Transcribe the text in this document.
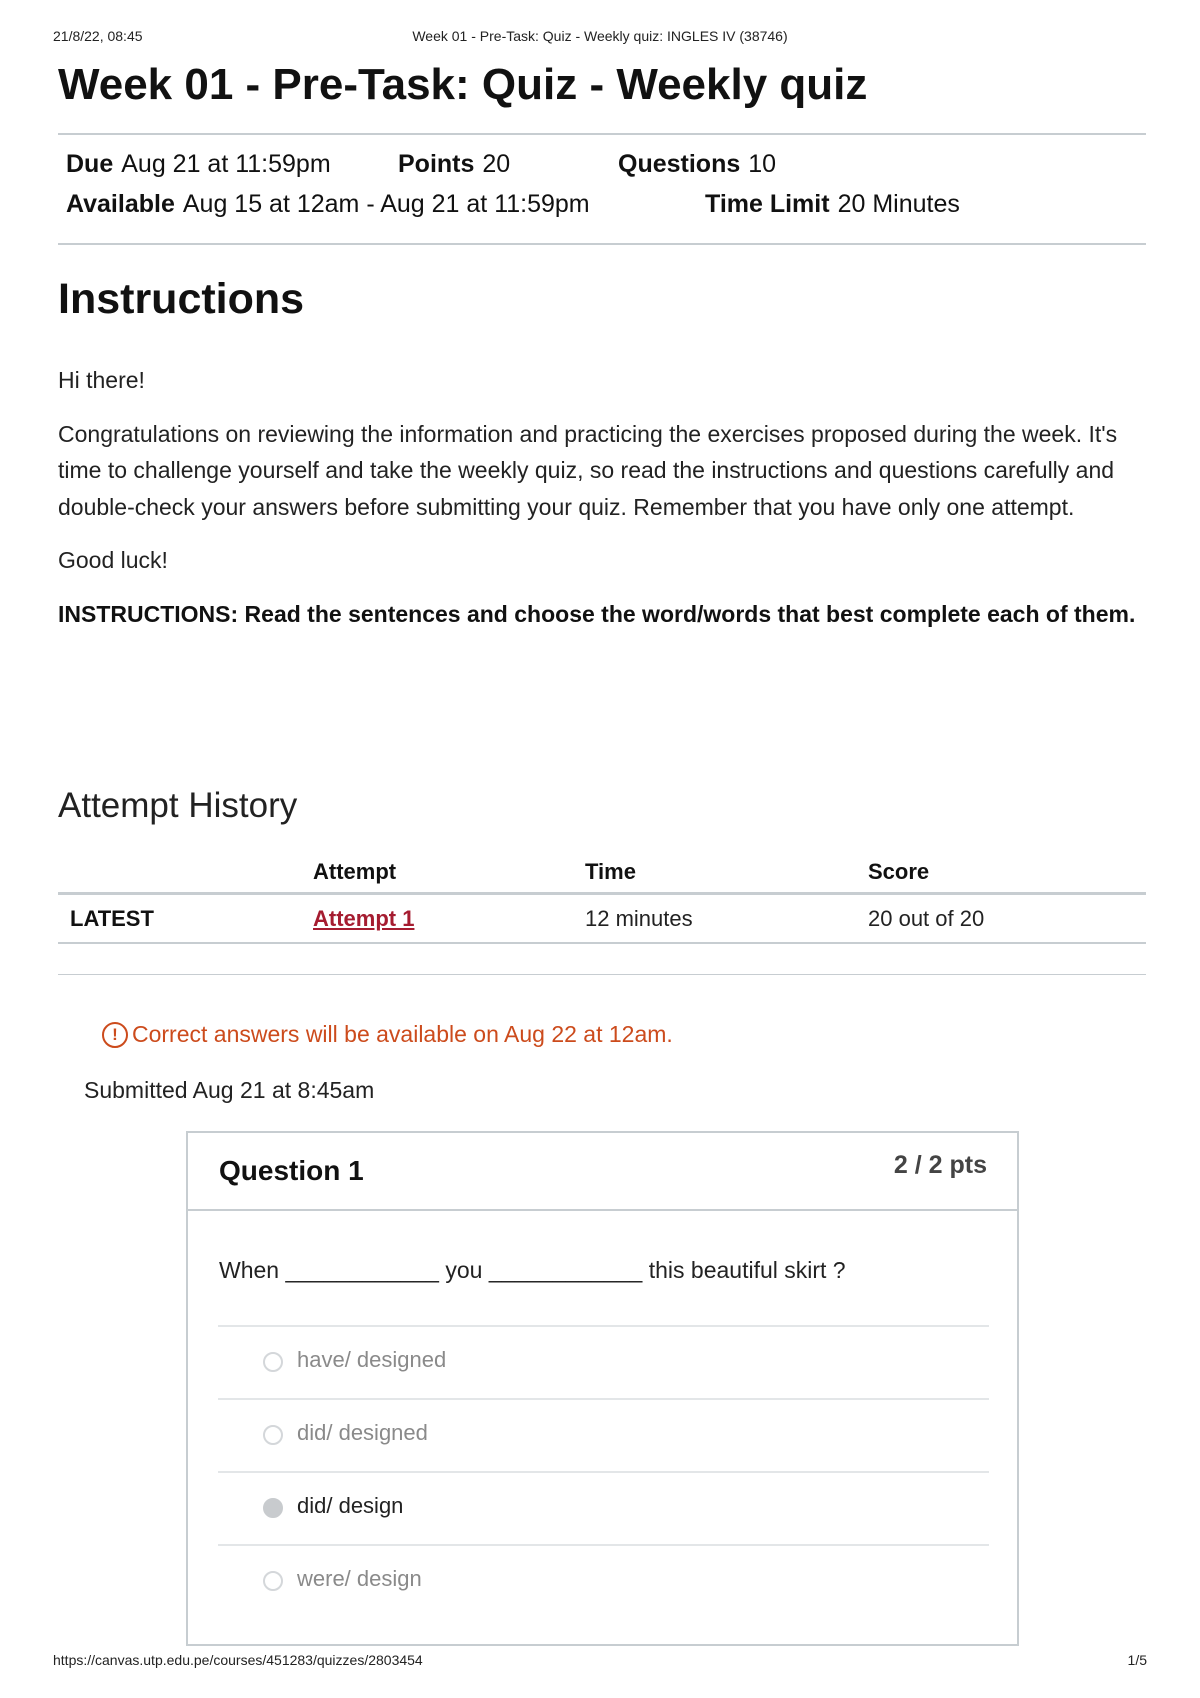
21/8/22, 08:45	Week 01 - Pre-Task: Quiz - Weekly quiz: INGLES IV (38746)
Week 01 - Pre-Task: Quiz - Weekly quiz
Due Aug 21 at 11:59pm	Points 20	Questions 10
Available Aug 15 at 12am - Aug 21 at 11:59pm	Time Limit 20 Minutes
Instructions

Hi there!

Congratulations on reviewing the information and practicing the exercises proposed during the week. It's time to challenge yourself and take the weekly quiz, so read the instructions and questions carefully and double-check your answers before submitting your quiz. Remember that you have only one attempt.

Good luck!

INSTRUCTIONS: Read the sentences and choose the word/words that best complete each of them.

Attempt History
	Attempt	Time	Score
LATEST	Attempt 1	12 minutes	20 out of 20
! Correct answers will be available on Aug 22 at 12am.
Submitted Aug 21 at 8:45am
Question 1	2 / 2 pts
When ____________ you ____________ this beautiful skirt ?
have/ designed
did/ designed
did/ design
were/ design
https://canvas.utp.edu.pe/courses/451283/quizzes/2803454	1/5
